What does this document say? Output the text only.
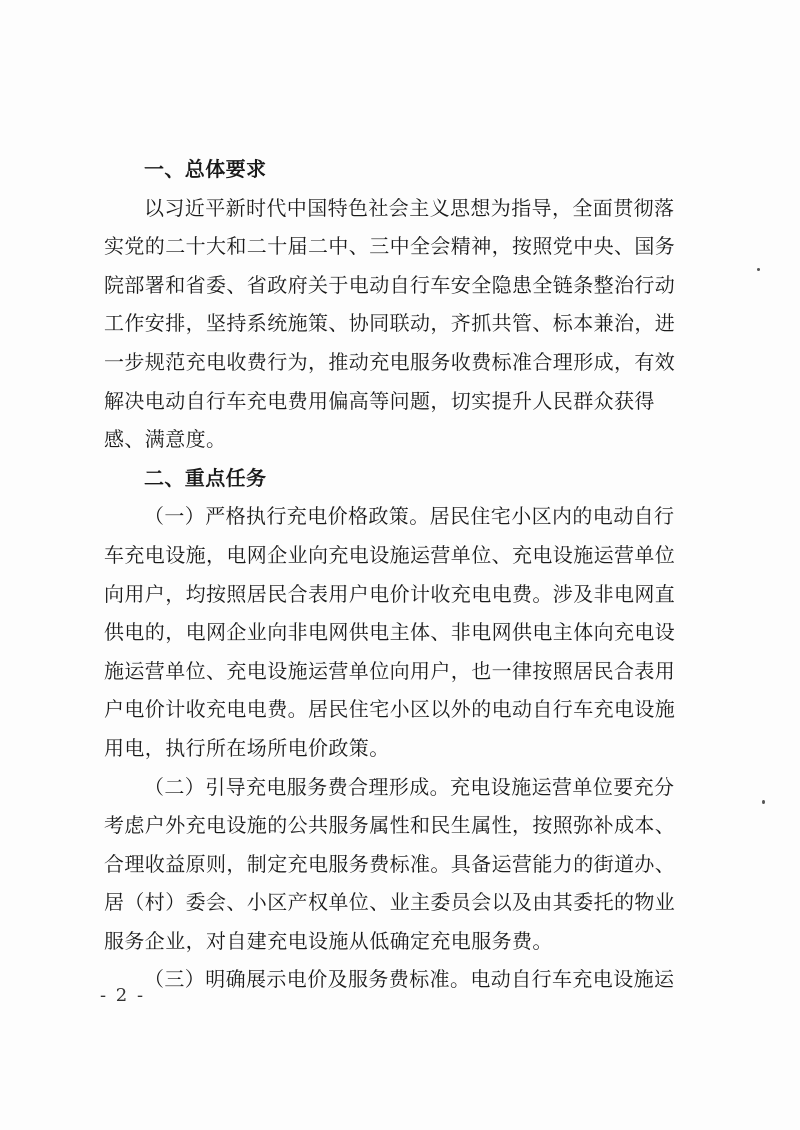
一、总体要求
以习近平新时代中国特色社会主义思想为指导，全面贯彻落
实党的二十大和二十届二中、三中全会精神，按照党中央、国务
院部署和省委、省政府关于电动自行车安全隐患全链条整治行动
工作安排，坚持系统施策、协同联动，齐抓共管、标本兼治，进
一步规范充电收费行为，推动充电服务收费标准合理形成，有效
解决电动自行车充电费用偏高等问题，切实提升人民群众获得
感、满意度。
二、重点任务
（一）严格执行充电价格政策。居民住宅小区内的电动自行
车充电设施，电网企业向充电设施运营单位、充电设施运营单位
向用户，均按照居民合表用户电价计收充电电费。涉及非电网直
供电的，电网企业向非电网供电主体、非电网供电主体向充电设
施运营单位、充电设施运营单位向用户，也一律按照居民合表用
户电价计收充电电费。居民住宅小区以外的电动自行车充电设施
用电，执行所在场所电价政策。
（二）引导充电服务费合理形成。充电设施运营单位要充分
考虑户外充电设施的公共服务属性和民生属性，按照弥补成本、
合理收益原则，制定充电服务费标准。具备运营能力的街道办、
居（村）委会、小区产权单位、业主委员会以及由其委托的物业
服务企业，对自建充电设施从低确定充电服务费。
（三）明确展示电价及服务费标准。电动自行车充电设施运
- 2 -
